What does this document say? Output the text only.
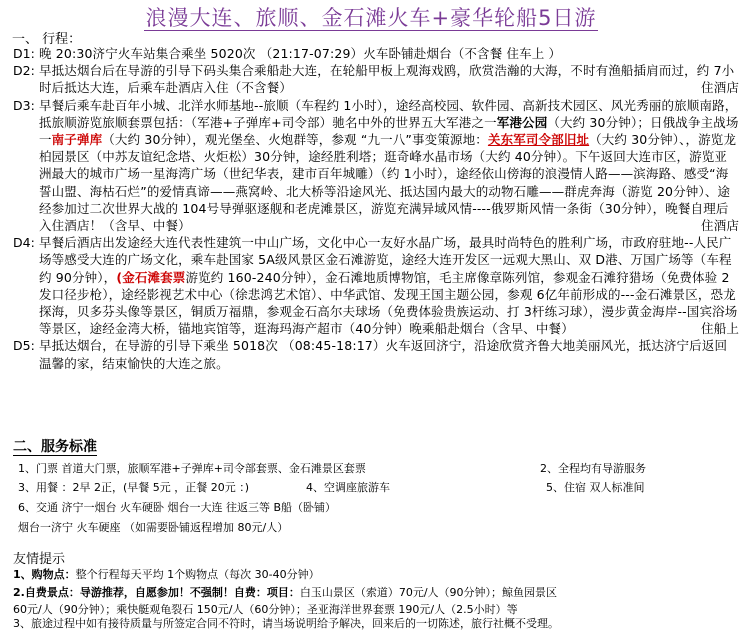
浪漫大连、旅顺、金石滩火车+豪华轮船5日游
一、 行程：
D1: 晚 20:30济宁火车站集合乘坐 5020次 （21:17-07:29）火车卧铺赴烟台（不含餐 住车上 ）
D2: 早抵达烟台后在导游的引导下码头集合乘船赴大连，在轮船甲板上观海戏鸥，欣赏浩瀚的大海，不时有渔船插肩而过，约 7小时后抵达大连，后乘车赴酒店入住（不含餐）	住酒店
D3: 早餐后乘车赴百年小城、北洋水师基地--旅顺（车程约 1小时），途经高校园、软件园、高新技术园区、风光秀丽的旅顺南路，抵旅顺游览旅顺套票包括：（军港+子弹库+司令部）驰名中外的世界五大军港之一军港公园（大约 30分钟）；日俄战争主战场一南子弹库（大约 30分钟），观光堡垒、火炮群等，参观 “九一八”事变策源地：关东军司令部旧址（大约 30分钟）、，游览龙柏园景区（中苏友谊纪念塔、火炬松）30分钟，途经胜利塔；逛奇峰水晶市场（大约 40分钟）。下午返回大连市区，游览亚洲最大的城市广场一星海湾广场（世纪华表，建市百年城雕）（约 1小时），途经依山傍海的浪漫情人路——滨海路、感受“海誓山盟、海枯石烂”的爱情真谛——燕窝岭、北大桥等沿途风光、抵达国内最大的动物石雕——群虎奔海（游览 20分钟）、途经参加过二次世界大战的 104号导弹驱逐舰和老虎滩景区，游览充满异域风情----俄罗斯风情一条街（30分钟），晚餐自理后入住酒店！（含早、中餐）	住酒店
D4: 早餐后酒店出发途经大连代表性建筑一中山广场，文化中心一友好水晶广场，最具时尚特色的胜利广场，市政府驻地--人民广场等感受大连的广场文化，乘车赴国家 5A级风景区金石滩游览，途经大连开发区一远观大黑山、双 D港、万国广场等（车程约 90分钟），(金石滩套票游览约 160-240分钟），金石滩地质博物馆，毛主席像章陈列馆，参观金石滩狩猎场（免费体验 2发口径步枪），途经影视艺术中心（徐悲鸿艺术馆）、中华武馆、发现王国主题公园，参观 6亿年前形成的---金石滩景区，恐龙探海，贝多芬头像等景区，铜质万福鼎，参观金石高尔夫球场（免费体验贵族运动、打 3杆练习球），漫步黄金海岸--国宾浴场等景区，途经金湾大桥，锚地宾馆等，逛海玛海产超市（40分钟）晚乘船赴烟台（含早、中餐）	住船上
D5: 早抵达烟台，在导游的引导下乘坐 5018次 （08:45-18:17）火车返回济宁，沿途欣赏齐鲁大地美丽风光，抵达济宁后返回温馨的家，结束愉快的大连之旅。
二、服务标准
1、门票 首道大门票，旅顺军港+子弹库+司令部套票、金石滩景区套票	2、全程均有导游服务
3、用餐 ：2早 2正，(早餐 5元 ，正餐 20元 ：)	4、空调座旅游车	5、住宿 双人标准间
6、交通 济宁一烟台 火车硬卧 烟台一大连 往返三等 B船（卧铺）
烟台一济宁 火车硬座 （如需要卧铺返程增加 80元/人）
友情提示
1、购物点：整个行程每天平均 1个购物点（每次 30-40分钟）
2.自费景点：导游推荐，自愿参加！不强制！自费：项目：白玉山景区（索道）70元/人（90分钟）；鲸鱼园景区
60元/人（90分钟）；乘快艇观龟裂石 150元/人（60分钟）；圣亚海洋世界套票 190元/人（2.5小时）等
3、旅途过程中如有接待质量与所签定合同不符时，请当场说明给予解决，回来后的一切陈述，旅行社概不受理。
